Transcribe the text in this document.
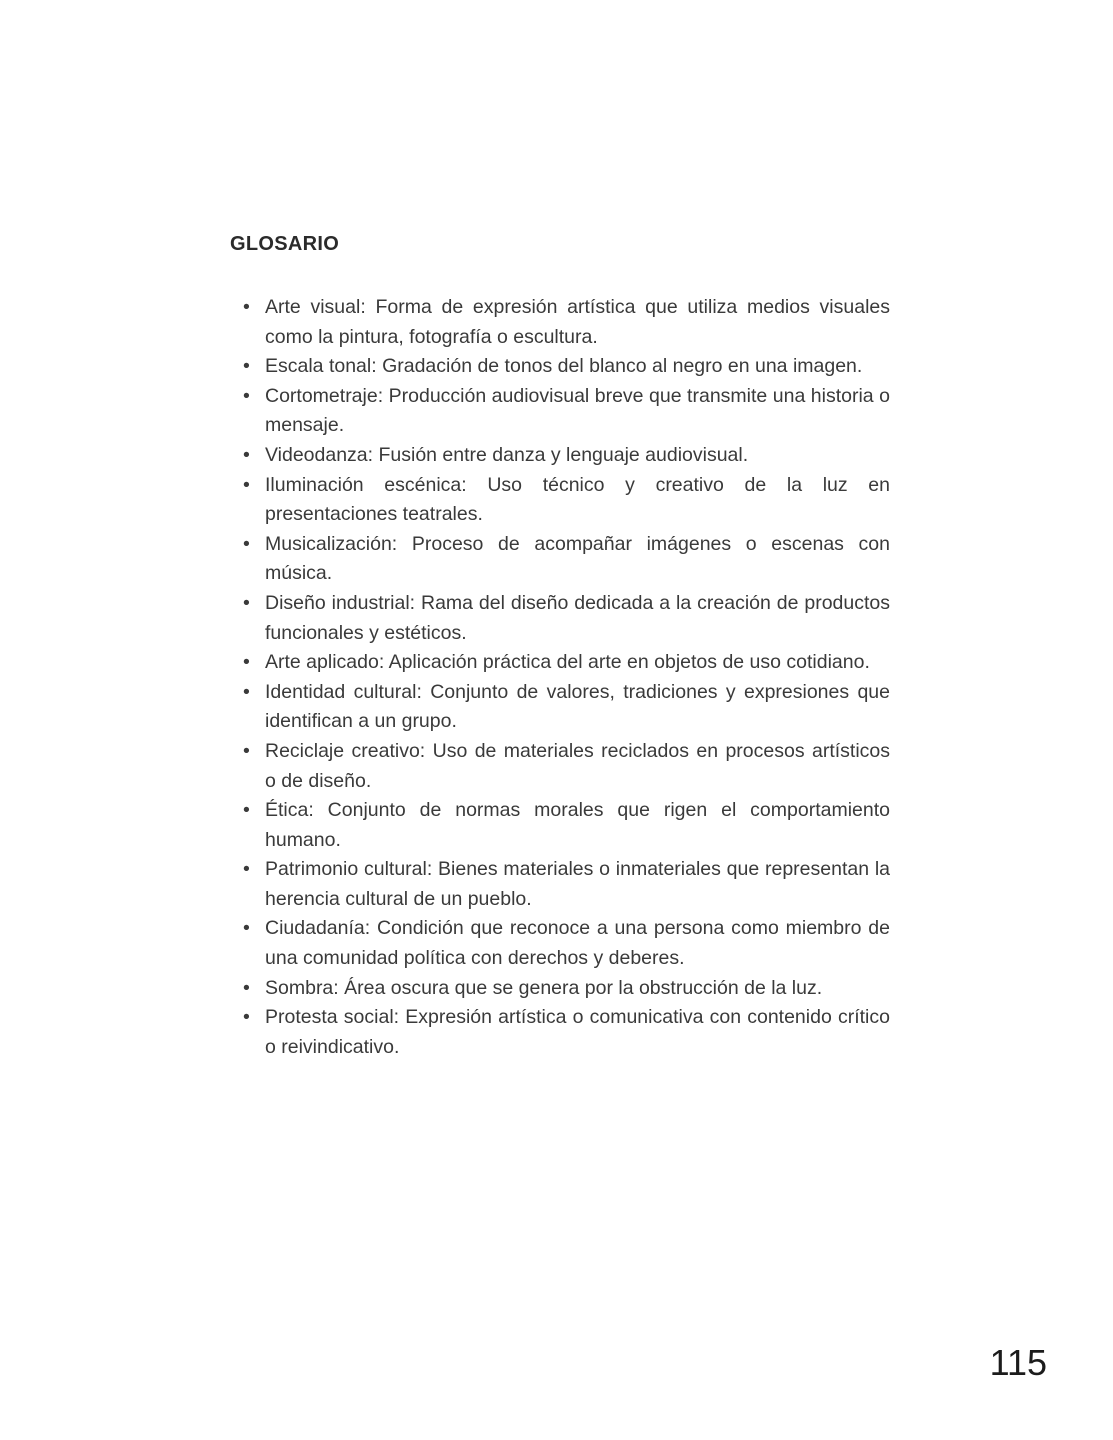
GLOSARIO
• Arte visual: Forma de expresión artística que utiliza medios visuales como la pintura, fotografía o escultura.
• Escala tonal: Gradación de tonos del blanco al negro en una imagen.
• Cortometraje: Producción audiovisual breve que transmite una historia o mensaje.
• Videodanza: Fusión entre danza y lenguaje audiovisual.
• Iluminación escénica: Uso técnico y creativo de la luz en presentaciones teatrales.
• Musicalización: Proceso de acompañar imágenes o escenas con música.
• Diseño industrial: Rama del diseño dedicada a la creación de productos funcionales y estéticos.
• Arte aplicado: Aplicación práctica del arte en objetos de uso cotidiano.
• Identidad cultural: Conjunto de valores, tradiciones y expresiones que identifican a un grupo.
• Reciclaje creativo: Uso de materiales reciclados en procesos artísticos o de diseño.
• Ética: Conjunto de normas morales que rigen el comportamiento humano.
• Patrimonio cultural: Bienes materiales o inmateriales que representan la herencia cultural de un pueblo.
• Ciudadanía: Condición que reconoce a una persona como miembro de una comunidad política con derechos y deberes.
• Sombra: Área oscura que se genera por la obstrucción de la luz.
• Protesta social: Expresión artística o comunicativa con contenido crítico o reivindicativo.
115
